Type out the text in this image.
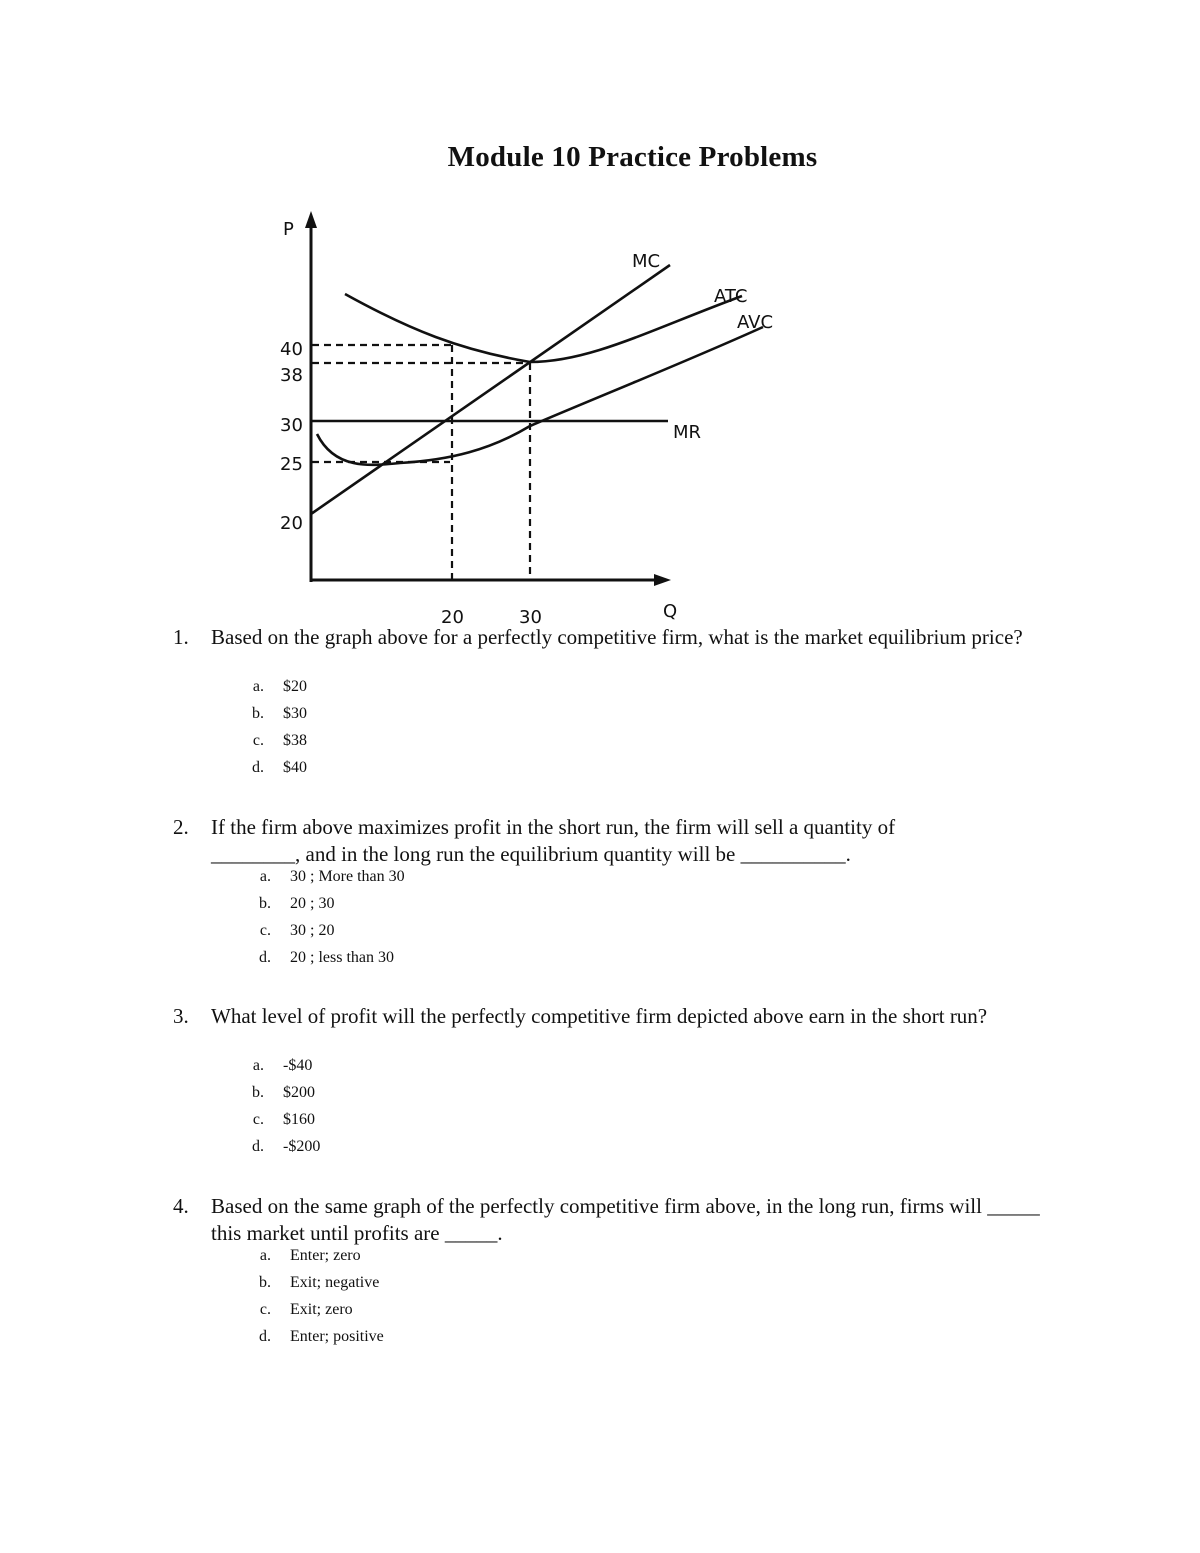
Module 10 Practice Problems
P
Q
40
38
30
25
20
20	30
MC
ATC
AVC
MR
1. Based on the graph above for a perfectly competitive firm, what is the market equilibrium price?
a. $20
b. $30
c. $38
d. $40
2. If the firm above maximizes profit in the short run, the firm will sell a quantity of

________, and in the long run the equilibrium quantity will be __________.

a. 30 ; More than 30
b. 20 ; 30
c. 30 ; 20
d. 20 ; less than 30
3. What level of profit will the perfectly competitive firm depicted above earn in the short run?
a. -$40
b. $200
c. $160
d. -$200
4. Based on the same graph of the perfectly competitive firm above, in the long run, firms will _____ this market until profits are _____.
a. Enter; zero
b. Exit; negative
c. Exit; zero
d. Enter; positive
